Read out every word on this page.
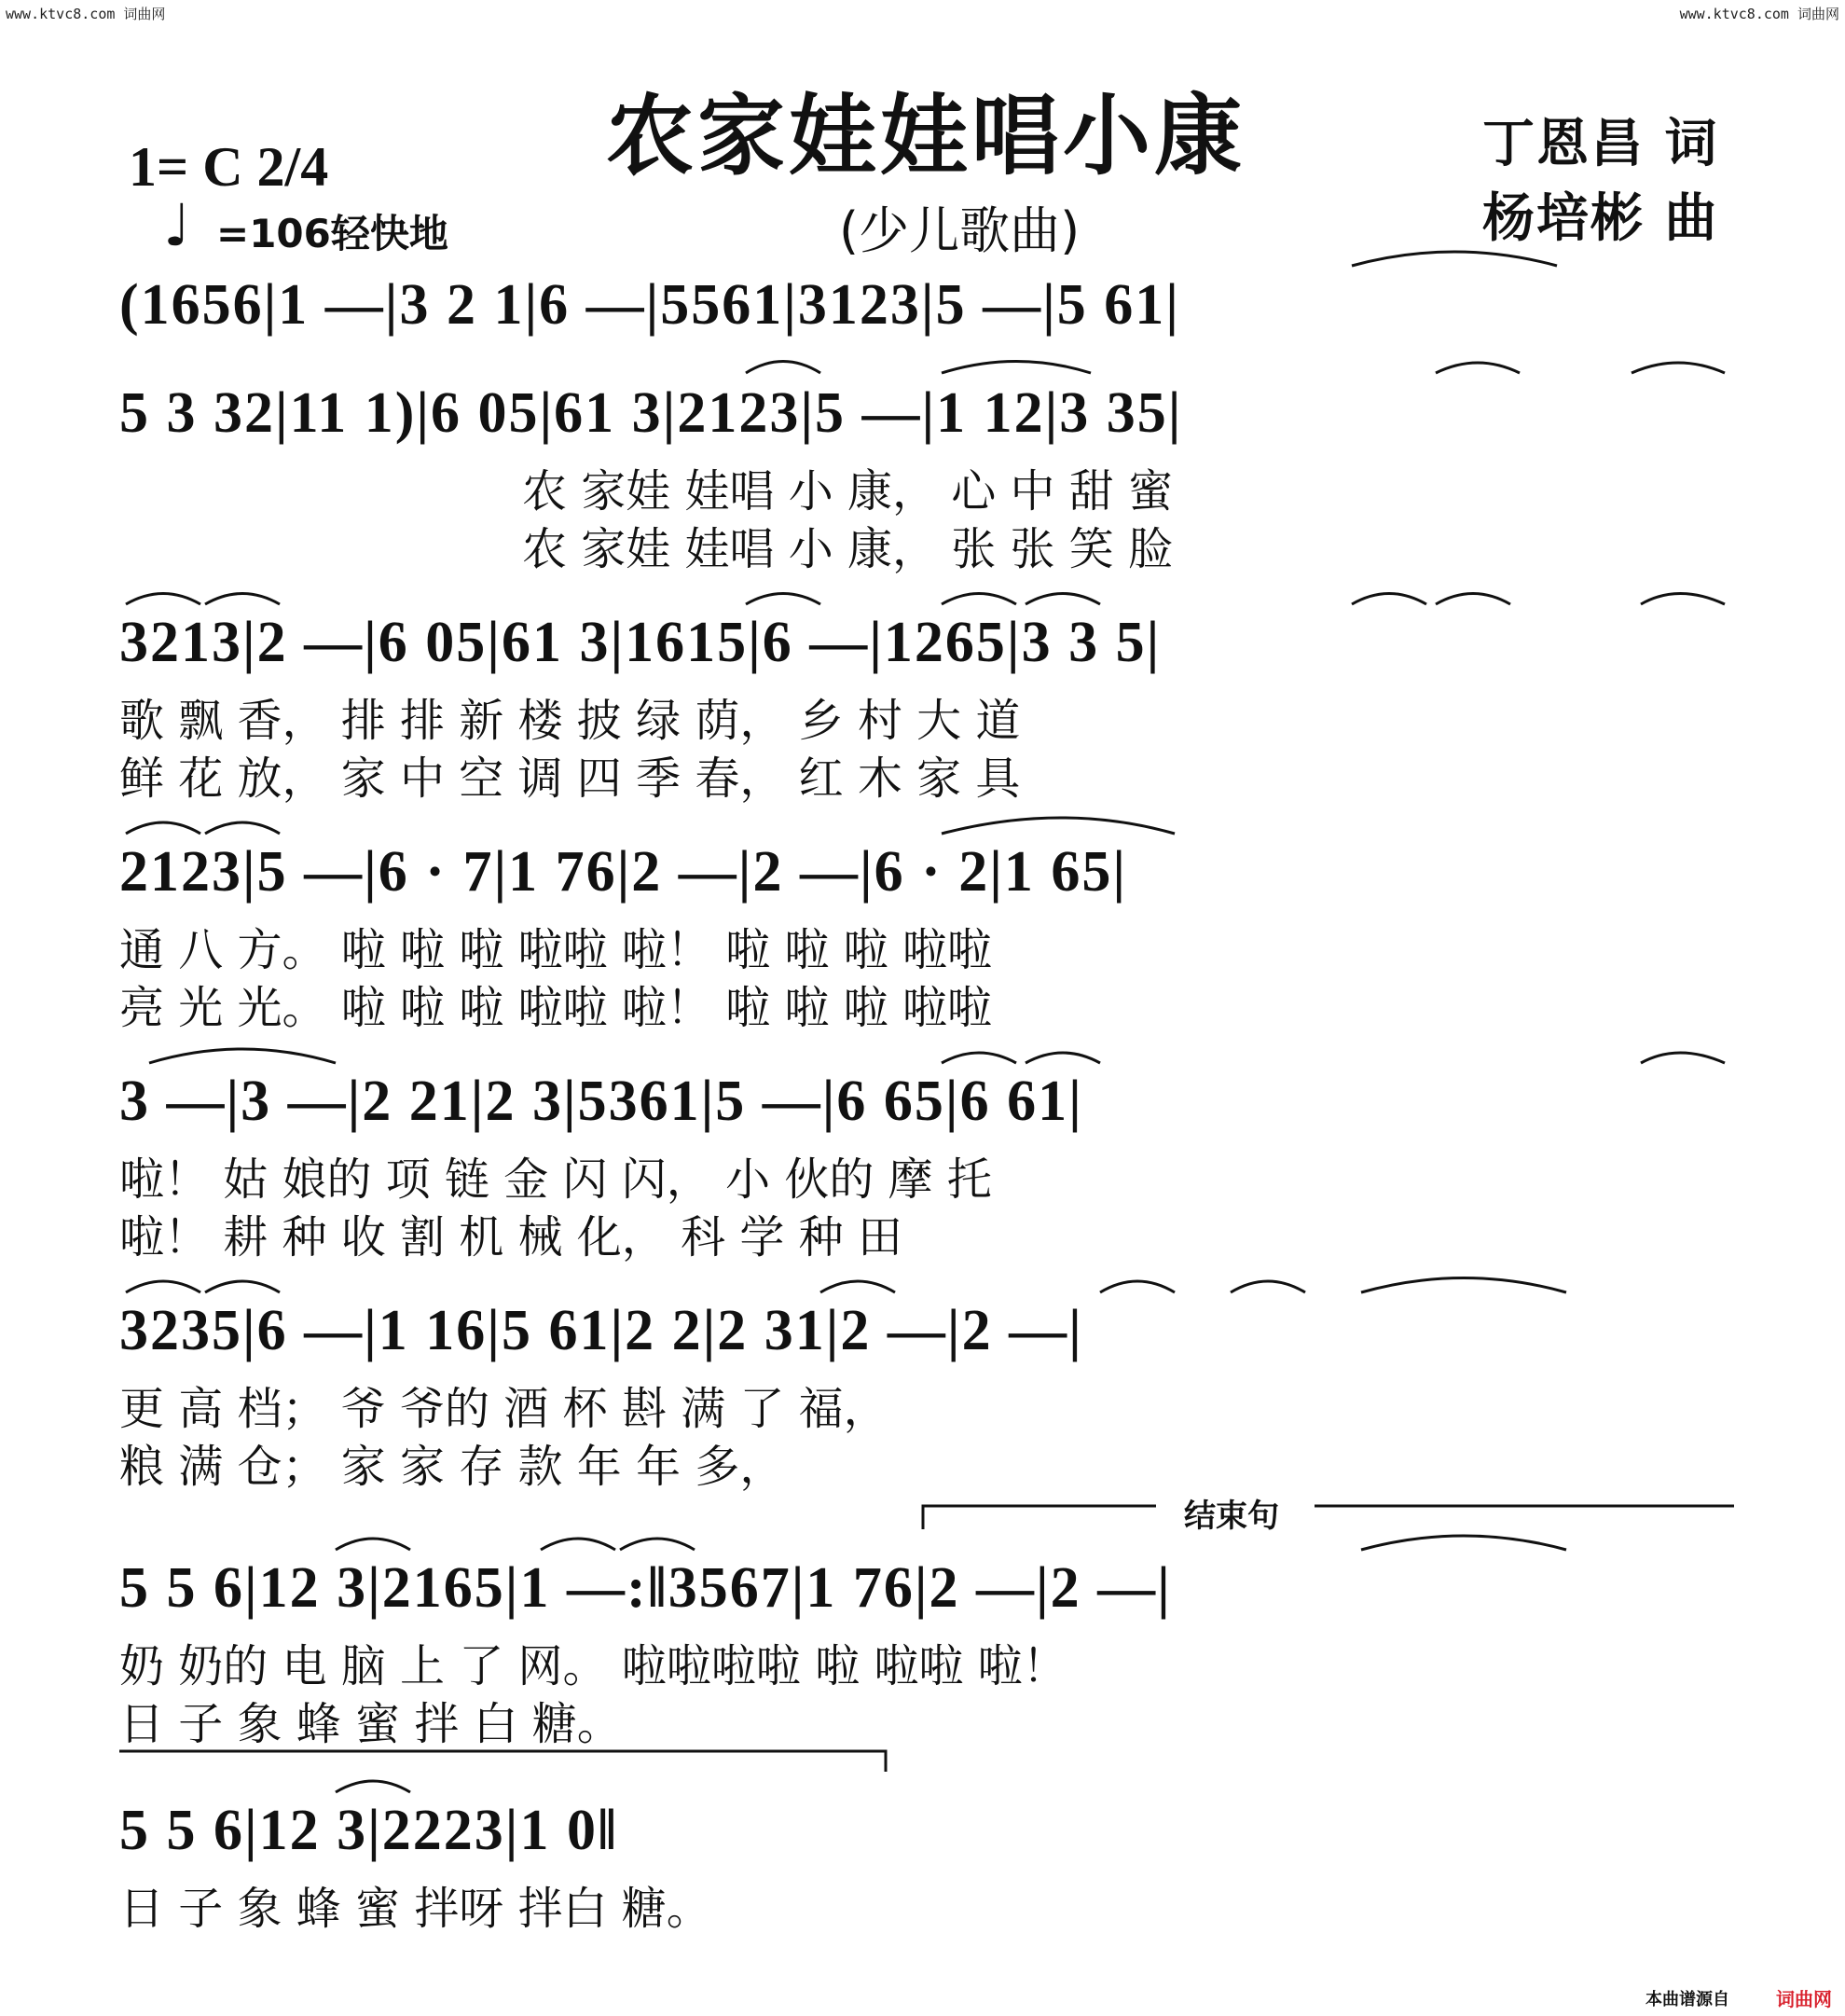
www.ktvc8.com 词曲网	www.ktvc8.com 词曲网
农家娃娃唱小康
(少儿歌曲)
丁恩昌 词
杨培彬 曲
1= C 2/4
♩ =106轻快地
(1656|1 —|3 2 1|6 —|5561|3123|5 —|5 61|
5 3 32|11 1)|6 05|61 3|2123|5 —|1 12|3 35|
农 家娃 娃唱 小 康， 心 中 甜 蜜
农 家娃 娃唱 小 康， 张 张 笑 脸
3213|2 —|6 05|61 3|1615|6 —|1265|3 3 5|
歌 飘 香， 排 排 新 楼 披 绿 荫， 乡 村 大 道
鲜 花 放， 家 中 空 调 四 季 春， 红 木 家 具
2123|5 —|6 · 7|1 76|2 —|2 —|6 · 2|1 65|
通 八 方。 啦 啦 啦 啦啦 啦！ 啦 啦 啦 啦啦
亮 光 光。 啦 啦 啦 啦啦 啦！ 啦 啦 啦 啦啦
3 —|3 —|2 21|2 3|5361|5 —|6 65|6 61|
啦！ 姑 娘的 项 链 金 闪 闪， 小 伙的 摩 托
啦！ 耕 种 收 割 机 械 化， 科 学 种 田
3235|6 —|1 16|5 61|2 2|2 31|2 —|2 —|
更 高 档； 爷 爷的 酒 杯 斟 满 了 福，
粮 满 仓； 家 家 存 款 年 年 多，
结束句
5 5 6|12 3|2165|1 —:‖3567|1 76|2 —|2 —|
奶 奶的 电 脑 上 了 网。 啦啦啦啦 啦 啦啦 啦！
日 子 象 蜂 蜜 拌 白 糖。
5 5 6|12 3|2223|1 0‖
日 子 象 蜂 蜜 拌呀 拌白 糖。
本曲谱源自	词曲网
